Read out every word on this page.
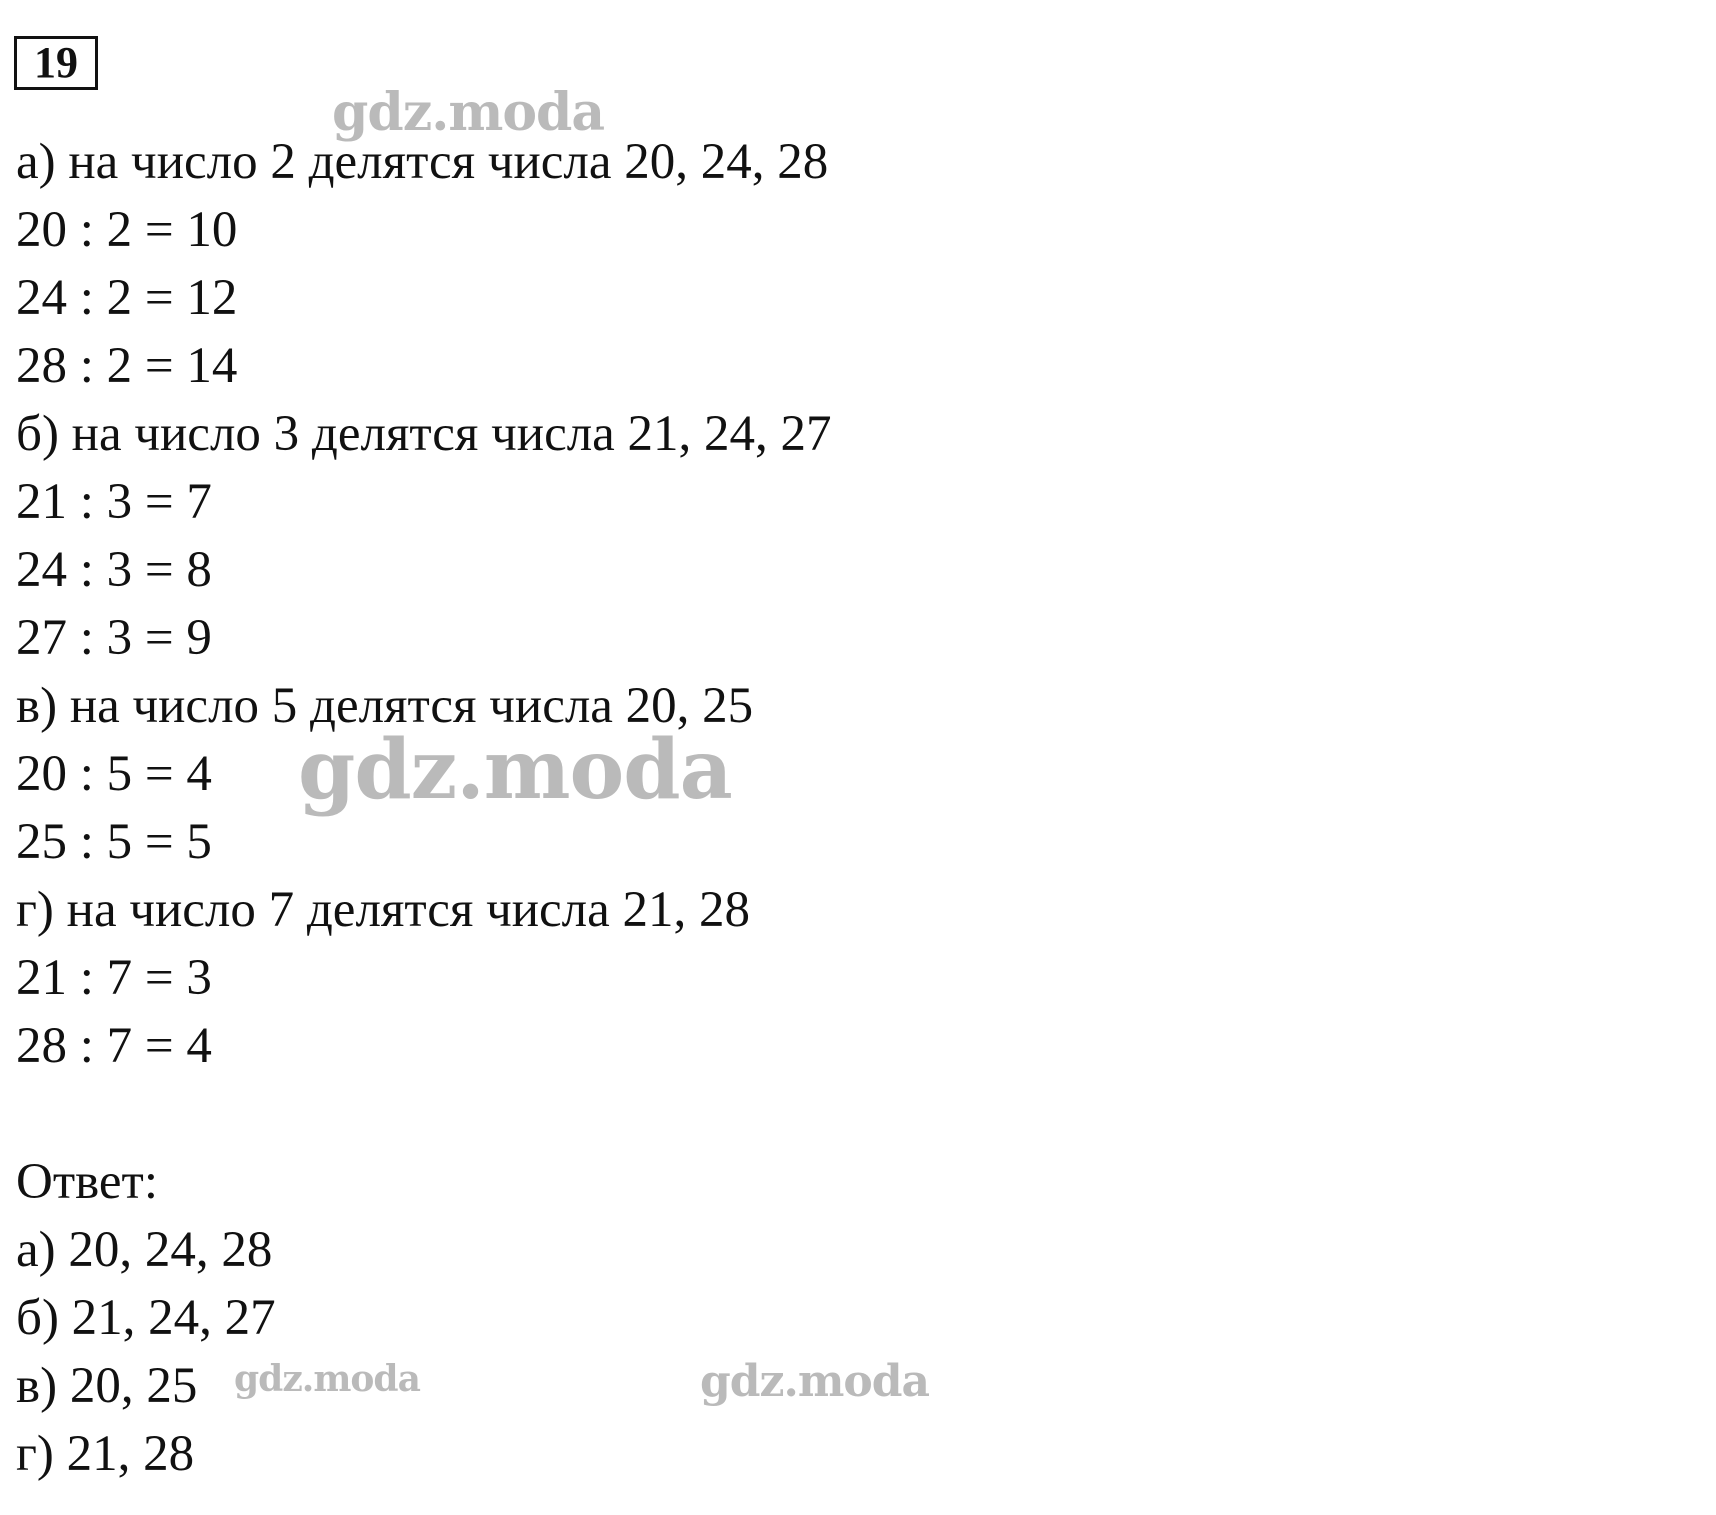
19
а) на число 2 делятся числа 20, 24, 28
20 : 2 = 10
24 : 2 = 12
28 : 2 = 14
б) на число 3 делятся числа 21, 24, 27
21 : 3 = 7
24 : 3 = 8
27 : 3 = 9
в) на число 5 делятся числа 20, 25
20 : 5 = 4
25 : 5 = 5
г) на число 7 делятся числа 21, 28
21 : 7 = 3
28 : 7 = 4
Ответ:
а) 20, 24, 28
б) 21, 24, 27
в) 20, 25
г) 21, 28
gdz.moda
gdz.moda
gdz.moda	gdz.moda
